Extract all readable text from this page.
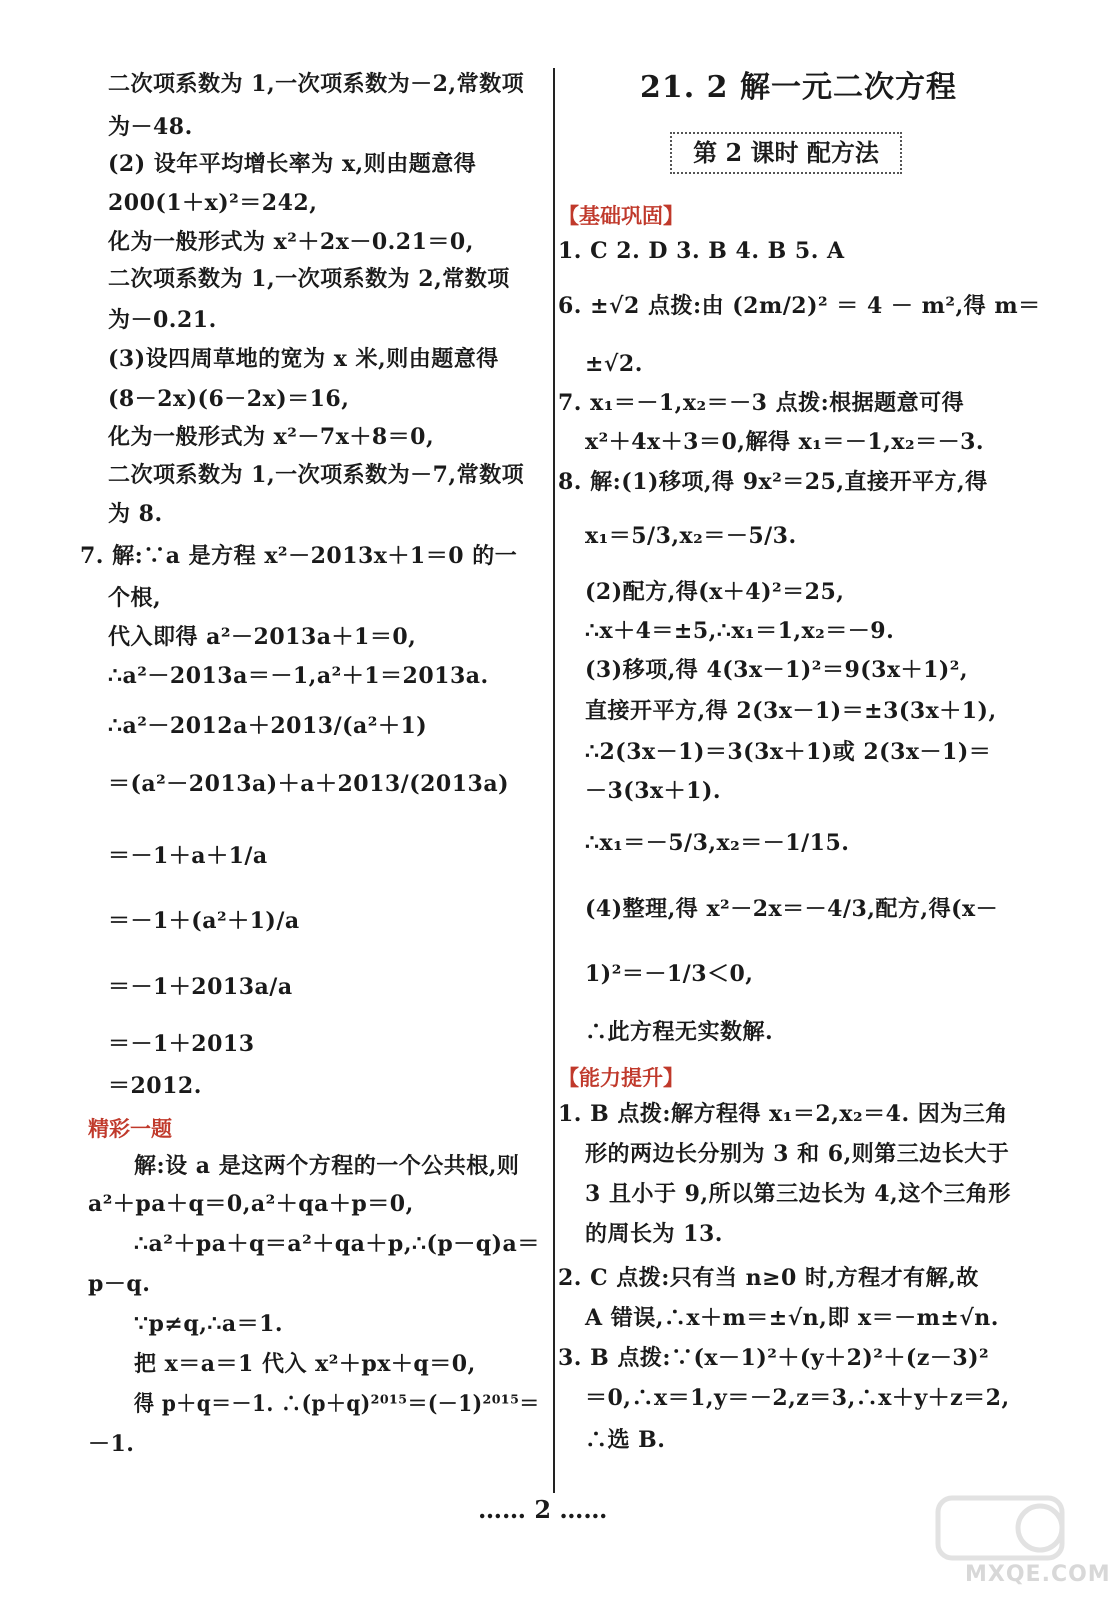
二次项系数为 1,一次项系数为－2,常数项
为－48.
(2) 设年平均增长率为 x,则由题意得
200(1＋x)²＝242,
化为一般形式为 x²＋2x－0.21＝0,
二次项系数为 1,一次项系数为 2,常数项
为－0.21.
(3)设四周草地的宽为 x 米,则由题意得
(8－2x)(6－2x)＝16,
化为一般形式为 x²－7x＋8＝0,
二次项系数为 1,一次项系数为－7,常数项
为 8.
7. 解:∵a 是方程 x²－2013x＋1＝0 的一
个根,
代入即得 a²－2013a＋1＝0,
∴a²－2013a＝－1,a²＋1＝2013a.
∴a²－2012a＋2013/(a²＋1)
＝(a²－2013a)＋a＋2013/(2013a)
＝－1＋a＋1/a
＝－1＋(a²＋1)/a
＝－1＋2013a/a
＝－1＋2013
＝2012.
精彩一题
解:设 a 是这两个方程的一个公共根,则
a²＋pa＋q＝0,a²＋qa＋p＝0,
∴a²＋pa＋q＝a²＋qa＋p,∴(p－q)a＝
p－q.
∵p≠q,∴a＝1.
把 x＝a＝1 代入 x²＋px＋q＝0,
得 p＋q＝－1. ∴(p＋q)²⁰¹⁵＝(－1)²⁰¹⁵＝
－1.
21. 2 解一元二次方程
第 2 课时 配方法
【基础巩固】
1. C 2. D 3. B 4. B 5. A
6. ±√2 点拨:由 (2m/2)² ＝ 4 － m²,得 m＝
±√2.
7. x₁＝－1,x₂＝－3 点拨:根据题意可得
x²＋4x＋3＝0,解得 x₁＝－1,x₂＝－3.
8. 解:(1)移项,得 9x²＝25,直接开平方,得
x₁＝5/3,x₂＝－5/3.
(2)配方,得(x＋4)²＝25,
∴x＋4＝±5,∴x₁＝1,x₂＝－9.
(3)移项,得 4(3x－1)²＝9(3x＋1)²,
直接开平方,得 2(3x－1)＝±3(3x＋1),
∴2(3x－1)＝3(3x＋1)或 2(3x－1)＝
－3(3x＋1).
∴x₁＝－5/3,x₂＝－1/15.
(4)整理,得 x²－2x＝－4/3,配方,得(x－
1)²＝－1/3＜0,
∴此方程无实数解.
【能力提升】
1. B 点拨:解方程得 x₁＝2,x₂＝4. 因为三角
形的两边长分别为 3 和 6,则第三边长大于
3 且小于 9,所以第三边长为 4,这个三角形
的周长为 13.
2. C 点拨:只有当 n≥0 时,方程才有解,故
A 错误,∴x＋m＝±√n,即 x＝－m±√n.
3. B 点拨:∵(x－1)²＋(y＋2)²＋(z－3)²
＝0,∴x＝1,y＝－2,z＝3,∴x＋y＋z＝2,
∴选 B.
…… 2 ……
MXQE.COM
